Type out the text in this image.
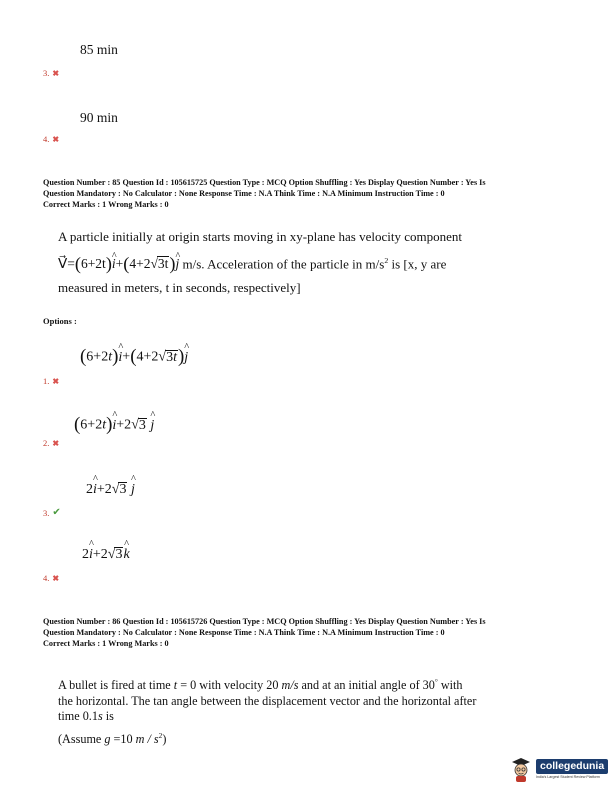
85 min
3. ✖
90 min
4. ✖
Question Number : 85 Question Id : 105615725 Question Type : MCQ Option Shuffling : Yes Display Question Number : Yes Is
Question Mandatory : No Calculator : None Response Time : N.A Think Time : N.A Minimum Instruction Time : 0
Correct Marks : 1 Wrong Marks : 0
A particle initially at origin starts moving in xy-plane has velocity component
V⃗=(6+2t)^ i+(4+2√3t)^ j m/s. Acceleration of the particle in $m/s^2$ is [x, y are
measured in meters, t in seconds, respectively]
Options :
(6+2t)^ i+(4+2√3t)^ j
1. ✖
(6+2t)^ i+2√3 ^ j
2. ✖
2^ i+2√3 ^ j
3. ✔
2^ i+2√3^ k
4. ✖
Question Number : 86 Question Id : 105615726 Question Type : MCQ Option Shuffling : Yes Display Question Number : Yes Is
Question Mandatory : No Calculator : None Response Time : N.A Think Time : N.A Minimum Instruction Time : 0
Correct Marks : 1 Wrong Marks : 0
A bullet is fired at time t = 0 with velocity 20 m/s and at an initial angle of 30° with
the horizontal. The tan angle between the displacement vector and the horizontal after
time 0.1s is
(Assume g =10 m / $s^2$)
collegedunia
India's Largest Student Review Platform
